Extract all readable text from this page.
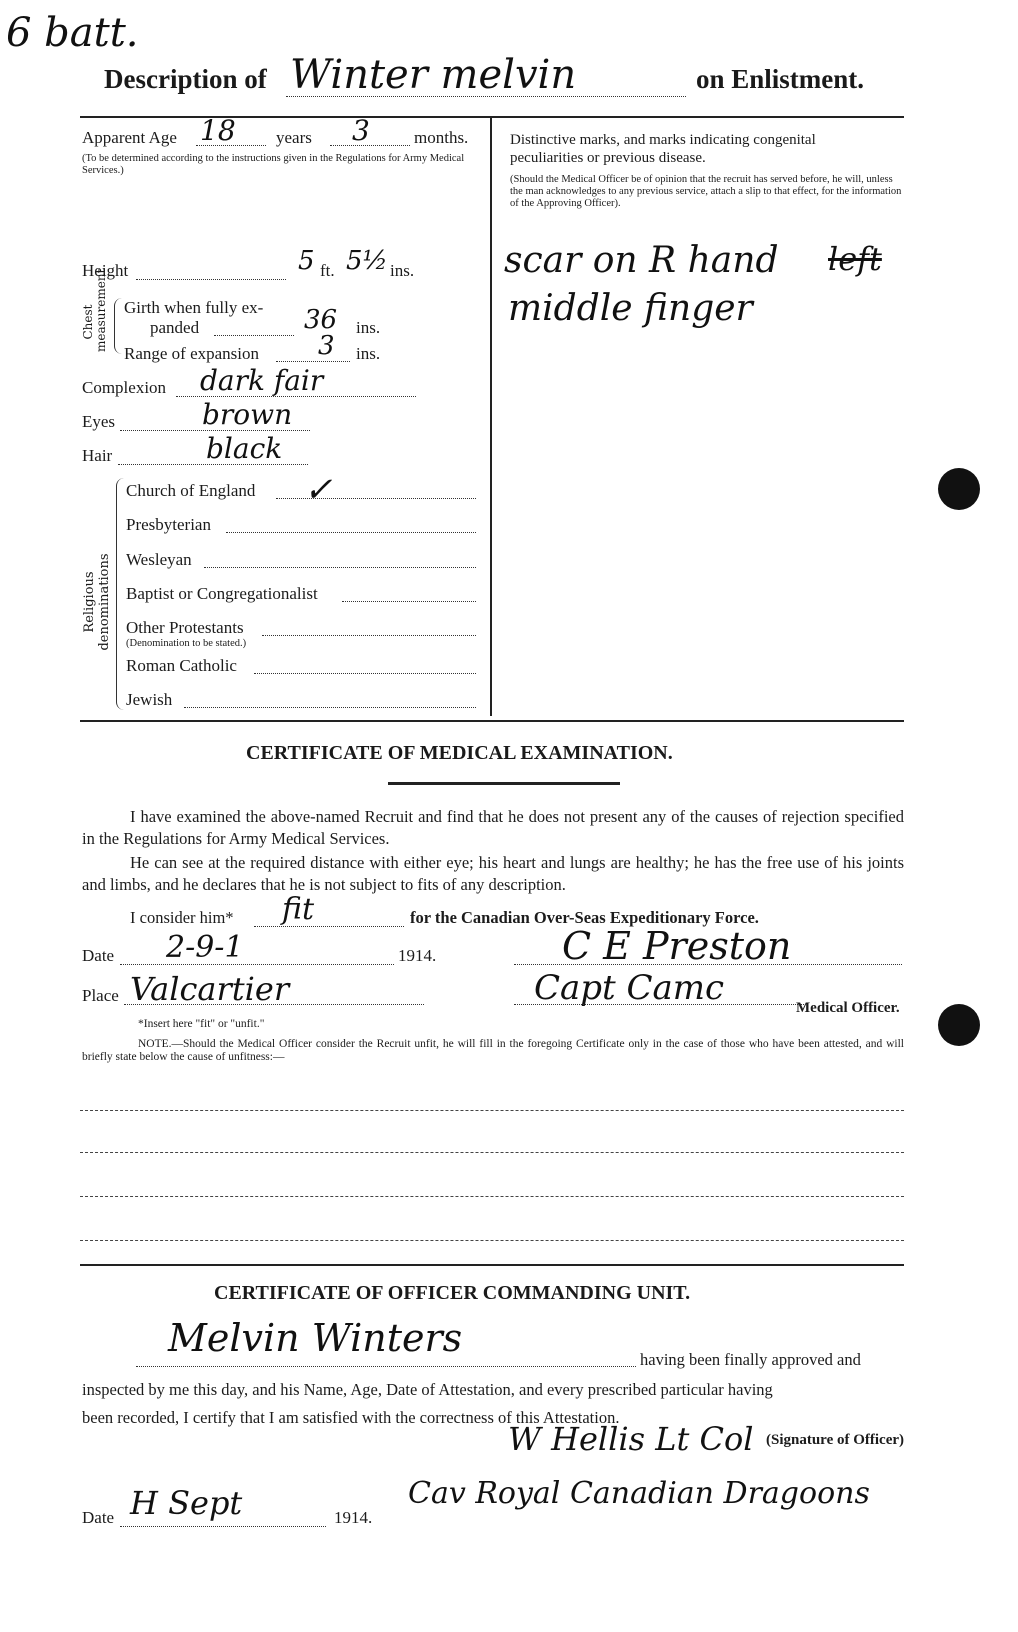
6 batt.
Description of Winter melvin	on Enlistment.
Apparent Age 18 years 3	months.
(To be determined according to the instructions given in the Regulations for Army Medical Services.)
Height	5 ft. 5½ ins.
Chest measurement Girth when fully ex-
panded	36 ins.
Range of expansion 3 ins.
Complexion dark fair
Eyes	brown
Hair	black
Religious denominations
Church of England ✓
Presbyterian
Wesleyan
Baptist or Congregationalist
Other Protestants
(Denomination to be stated.)
Roman Catholic
Jewish
Distinctive marks, and marks indicating congenital
peculiarities or previous disease.
(Should the Medical Officer be of opinion that the recruit has served before, he will, unless the man acknowledges to any previous service, attach a slip to that effect, for the information of the Approving Officer).
scar on R hand left
middle finger
CERTIFICATE OF MEDICAL EXAMINATION.
I have examined the above-named Recruit and find that he does not present any of the causes of rejection specified in the Regulations for Army Medical Services.
He can see at the required distance with either eye; his heart and lungs are healthy; he has the free use of his joints and limbs, and he declares that he is not subject to fits of any description.
I consider him* fit	for the Canadian Over-Seas Expeditionary Force.
Date 2-9-1	1914.	C E Preston
Place Valcartier	Capt Camc	Medical Officer.
*Insert here "fit" or "unfit."
NOTE.—Should the Medical Officer consider the Recruit unfit, he will fill in the foregoing Certificate only in the case of those who have been attested, and will briefly state below the cause of unfitness:—
CERTIFICATE OF OFFICER COMMANDING UNIT.
Melvin Winters	having been finally approved and
inspected by me this day, and his Name, Age, Date of Attestation, and every prescribed particular having
been recorded, I certify that I am satisfied with the correctness of this Attestation.
W Hellis Lt Col (Signature of Officer)
Cav Royal Canadian Dragoons
Date H Sept	1914.
